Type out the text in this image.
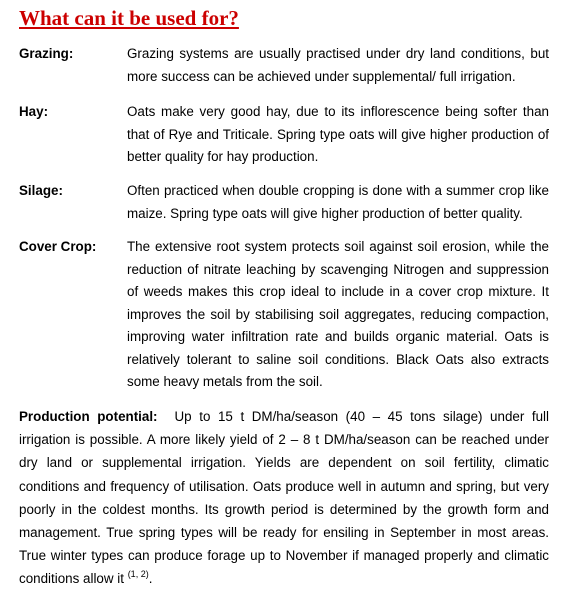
What can it be used for?
Grazing:	Grazing systems are usually practised under dry land conditions, but more success can be achieved under supplemental/ full irrigation.
Hay:	Oats make very good hay, due to its inflorescence being softer than that of Rye and Triticale. Spring type oats will give higher production of better quality for hay production.
Silage:	Often practiced when double cropping is done with a summer crop like maize. Spring type oats will give higher production of better quality.
Cover Crop: The extensive root system protects soil against soil erosion, while the reduction of nitrate leaching by scavenging Nitrogen and suppression of weeds makes this crop ideal to include in a cover crop mixture. It improves the soil by stabilising soil aggregates, reducing compaction, improving water infiltration rate and builds organic material. Oats is relatively tolerant to saline soil conditions. Black Oats also extracts some heavy metals from the soil.
Production potential: Up to 15 t DM/ha/season (40 – 45 tons silage) under full irrigation is possible. A more likely yield of 2 – 8 t DM/ha/season can be reached under dry land or supplemental irrigation. Yields are dependent on soil fertility, climatic conditions and frequency of utilisation. Oats produce well in autumn and spring, but very poorly in the coldest months. Its growth period is determined by the growth form and management. True spring types will be ready for ensiling in September in most areas. True winter types can produce forage up to November if managed properly and climatic conditions allow it $^{(1, 2)}$.
